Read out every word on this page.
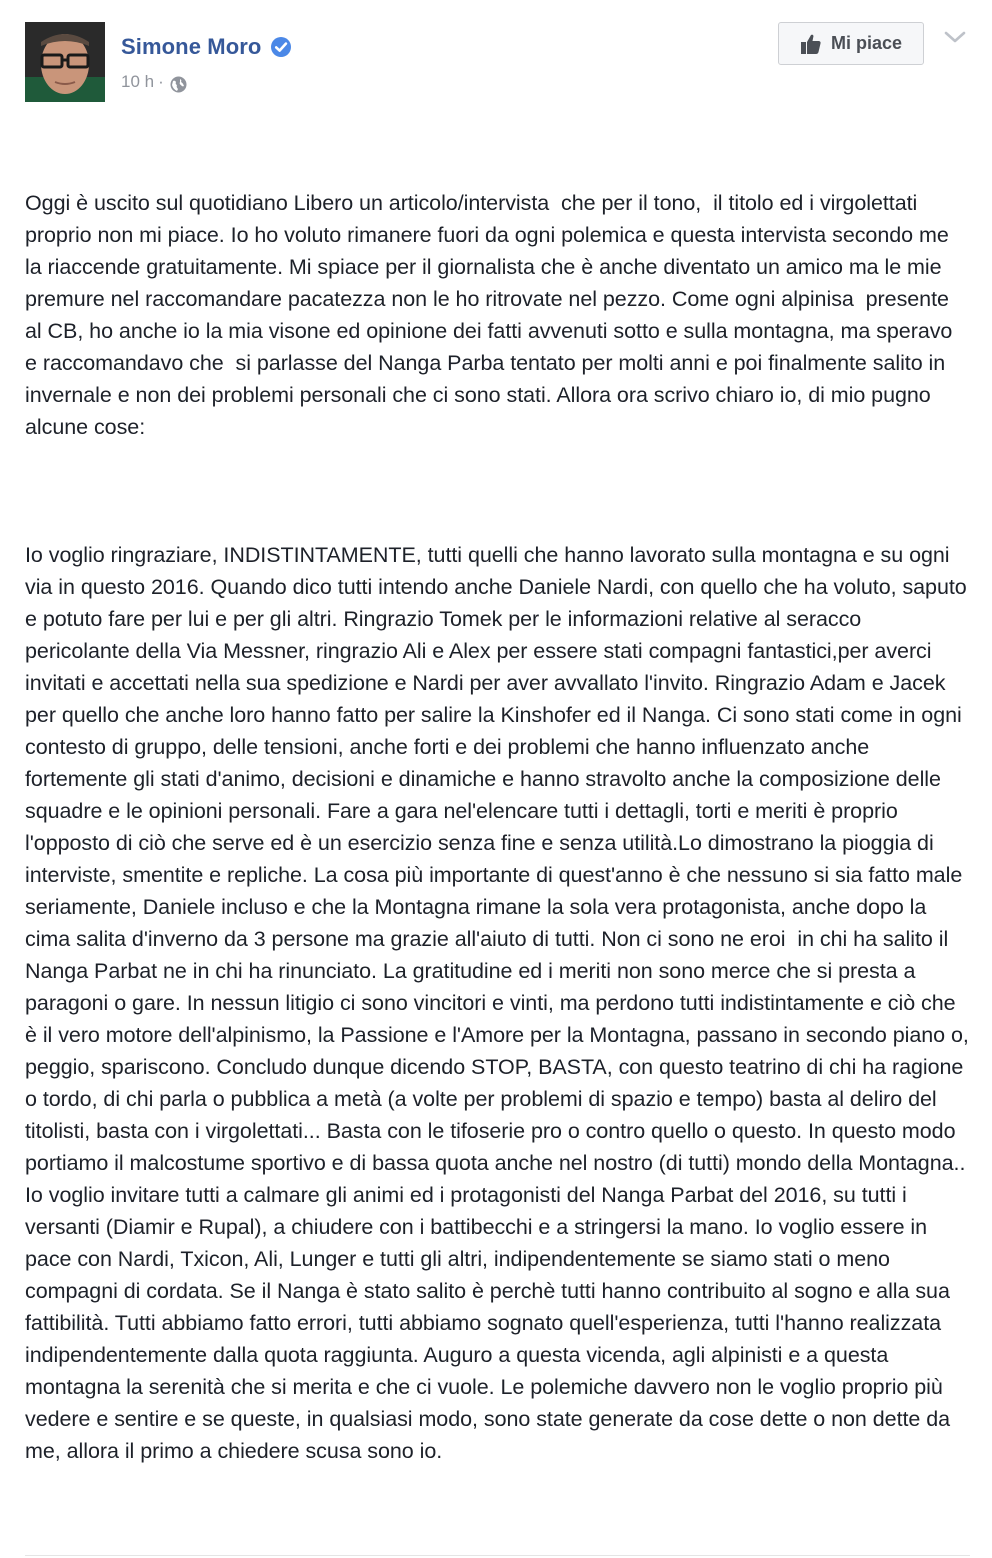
Simone Moro
10 h ·
Mi piace

Oggi è uscito sul quotidiano Libero un articolo/intervista  che per il tono,  il titolo ed i virgolettati proprio non mi piace. Io ho voluto rimanere fuori da ogni polemica e questa intervista secondo me la riaccende gratuitamente. Mi spiace per il giornalista che è anche diventato un amico ma le mie premure nel raccomandare pacatezza non le ho ritrovate nel pezzo. Come ogni alpinisa  presente al CB, ho anche io la mia visone ed opinione dei fatti avvenuti sotto e sulla montagna, ma speravo e raccomandavo che  si parlasse del Nanga Parba tentato per molti anni e poi finalmente salito in invernale e non dei problemi personali che ci sono stati. Allora ora scrivo chiaro io, di mio pugno alcune cose:

Io voglio ringraziare, INDISTINTAMENTE, tutti quelli che hanno lavorato sulla montagna e su ogni via in questo 2016. Quando dico tutti intendo anche Daniele Nardi, con quello che ha voluto, saputo e potuto fare per lui e per gli altri. Ringrazio Tomek per le informazioni relative al seracco pericolante della Via Messner, ringrazio Ali e Alex per essere stati compagni fantastici,per averci invitati e accettati nella sua spedizione e Nardi per aver avvallato l'invito. Ringrazio Adam e Jacek per quello che anche loro hanno fatto per salire la Kinshofer ed il Nanga. Ci sono stati come in ogni contesto di gruppo, delle tensioni, anche forti e dei problemi che hanno influenzato anche fortemente gli stati d'animo, decisioni e dinamiche e hanno stravolto anche la composizione delle squadre e le opinioni personali. Fare a gara nel'elencare tutti i dettagli, torti e meriti è proprio l'opposto di ciò che serve ed è un esercizio senza fine e senza utilità.Lo dimostrano la pioggia di interviste, smentite e repliche. La cosa più importante di quest'anno è che nessuno si sia fatto male seriamente, Daniele incluso e che la Montagna rimane la sola vera protagonista, anche dopo la cima salita d'inverno da 3 persone ma grazie all'aiuto di tutti. Non ci sono ne eroi  in chi ha salito il Nanga Parbat ne in chi ha rinunciato. La gratitudine ed i meriti non sono merce che si presta a paragoni o gare. In nessun litigio ci sono vincitori e vinti, ma perdono tutti indistintamente e ciò che è il vero motore dell'alpinismo, la Passione e l'Amore per la Montagna, passano in secondo piano o, peggio, spariscono. Concludo dunque dicendo STOP, BASTA, con questo teatrino di chi ha ragione o tordo, di chi parla o pubblica a metà (a volte per problemi di spazio e tempo) basta al deliro del titolisti, basta con i virgolettati... Basta con le tifoserie pro o contro quello o questo. In questo modo portiamo il malcostume sportivo e di bassa quota anche nel nostro (di tutti) mondo della Montagna.. Io voglio invitare tutti a calmare gli animi ed i protagonisti del Nanga Parbat del 2016, su tutti i versanti (Diamir e Rupal), a chiudere con i battibecchi e a stringersi la mano. Io voglio essere in pace con Nardi, Txicon, Ali, Lunger e tutti gli altri, indipendentemente se siamo stati o meno compagni di cordata. Se il Nanga è stato salito è perchè tutti hanno contribuito al sogno e alla sua fattibilità. Tutti abbiamo fatto errori, tutti abbiamo sognato quell'esperienza, tutti l'hanno realizzata indipendentemente dalla quota raggiunta. Auguro a questa vicenda, agli alpinisti e a questa montagna la serenità che si merita e che ci vuole. Le polemiche davvero non le voglio proprio più vedere e sentire e se queste, in qualsiasi modo, sono state generate da cose dette o non dette da me, allora il primo a chiedere scusa sono io.
